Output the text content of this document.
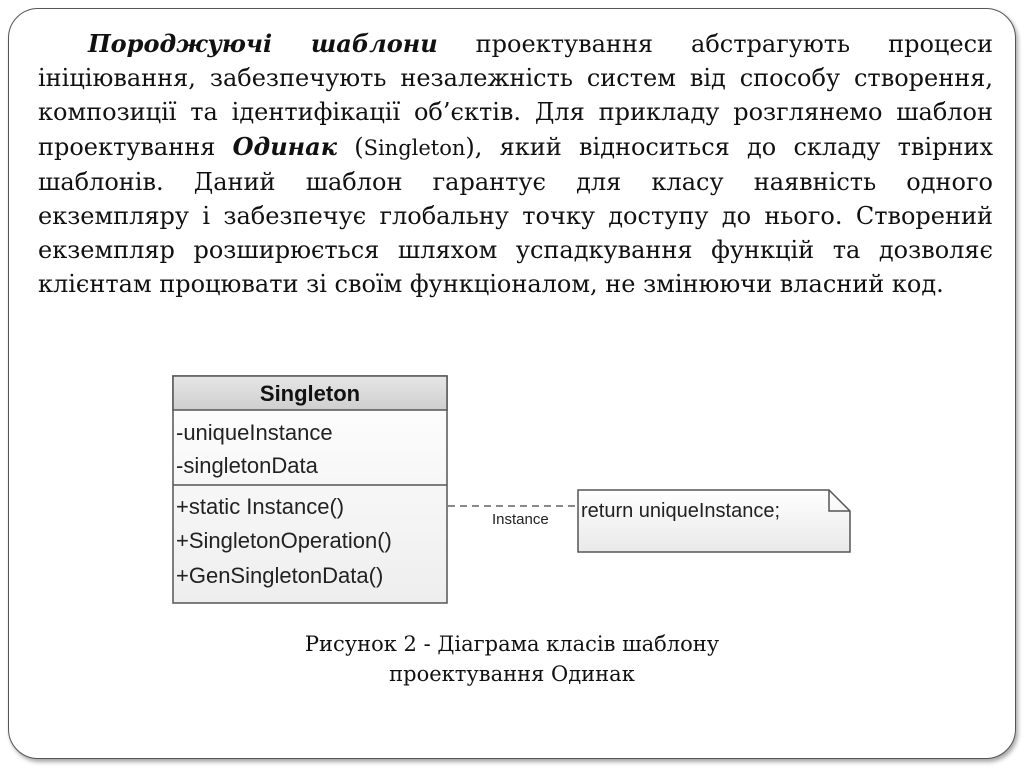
Породжуючі шаблони проектування абстрагують процеси ініціювання, забезпечують незалежність систем від способу створення, композиції та ідентифікації об’єктів. Для прикладу розглянемо шаблон проектування Одинак (Singleton), який відноситься до складу твірних шаблонів. Даний шаблон гарантує для класу наявність одного екземпляру і забезпечує глобальну точку доступу до нього. Створений екземпляр розширюється шляхом успадкування функцій та дозволяє клієнтам процювати зі своїм функціоналом, не змінюючи власний код.

Singleton
-uniqueInstance
-singletonData
+static Instance()
+SingletonOperation()
+GenSingletonData()
Instance return uniqueInstance;
Рисунок 2 - Діаграма класів шаблону
проектування Одинак
